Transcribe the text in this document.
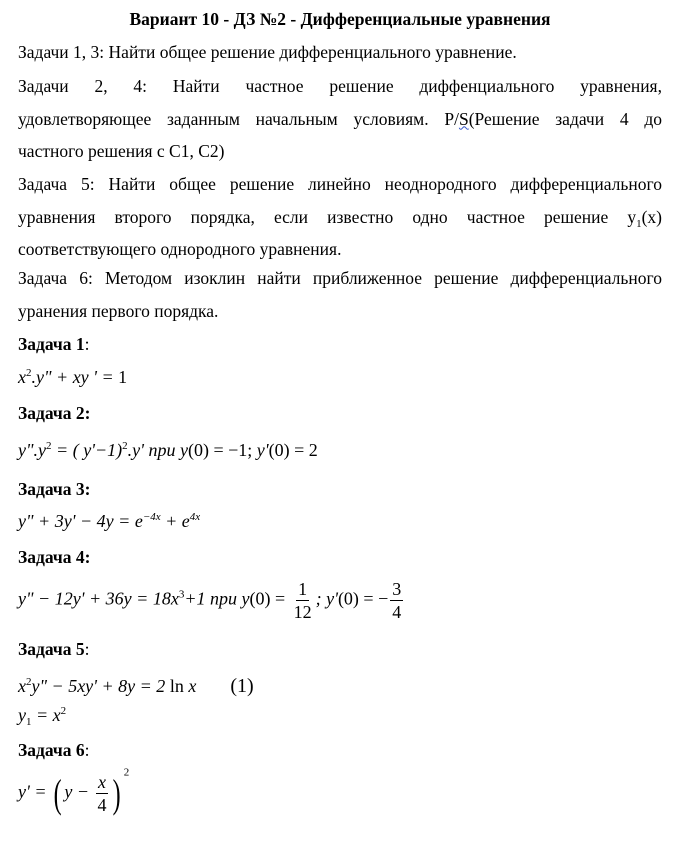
Вариант 10 - ДЗ №2 - Дифференциальные уравнения
Задачи 1, 3: Найти общее решение дифференциального уравнение.
Задачи 2, 4: Найти частное решение диффенциального уравнения,
удовлетворяющее заданным начальным условиям. P/S(Решение задачи 4 до
частного решения с С1, С2)
Задача 5: Найти общее решение линейно неоднородного дифференциального
уравнения второго порядка, если известно одно частное решение $y_1(x)$
соответствующего однородного уравнения.
Задача 6: Методом изоклин найти приближенное решение дифференциального
уранения первого порядка.
Задача 1:
$x^2.y$" + xy ' = 1
Задача 2:
$y".y^2$ = ( y'−1)$^2$.y' при y(0) = −1; y'(0) = 2
Задача 3:
y" + $3y' - 4y = e^{-4x} + e^{4x}$
Задача 4:
y" − $12y' + 36y = 18x^3+1$ при $y(0) = \frac{1}{12}$ ; y'(0) = − $\frac{3}{4}$
Задача 5:
$x^2y$" − 5xy' + 8y = 2 ln x (1)
$y_1 = x^2$
Задача 6:
y' = ( $y - \frac{x}{4}$ ) $^2$
